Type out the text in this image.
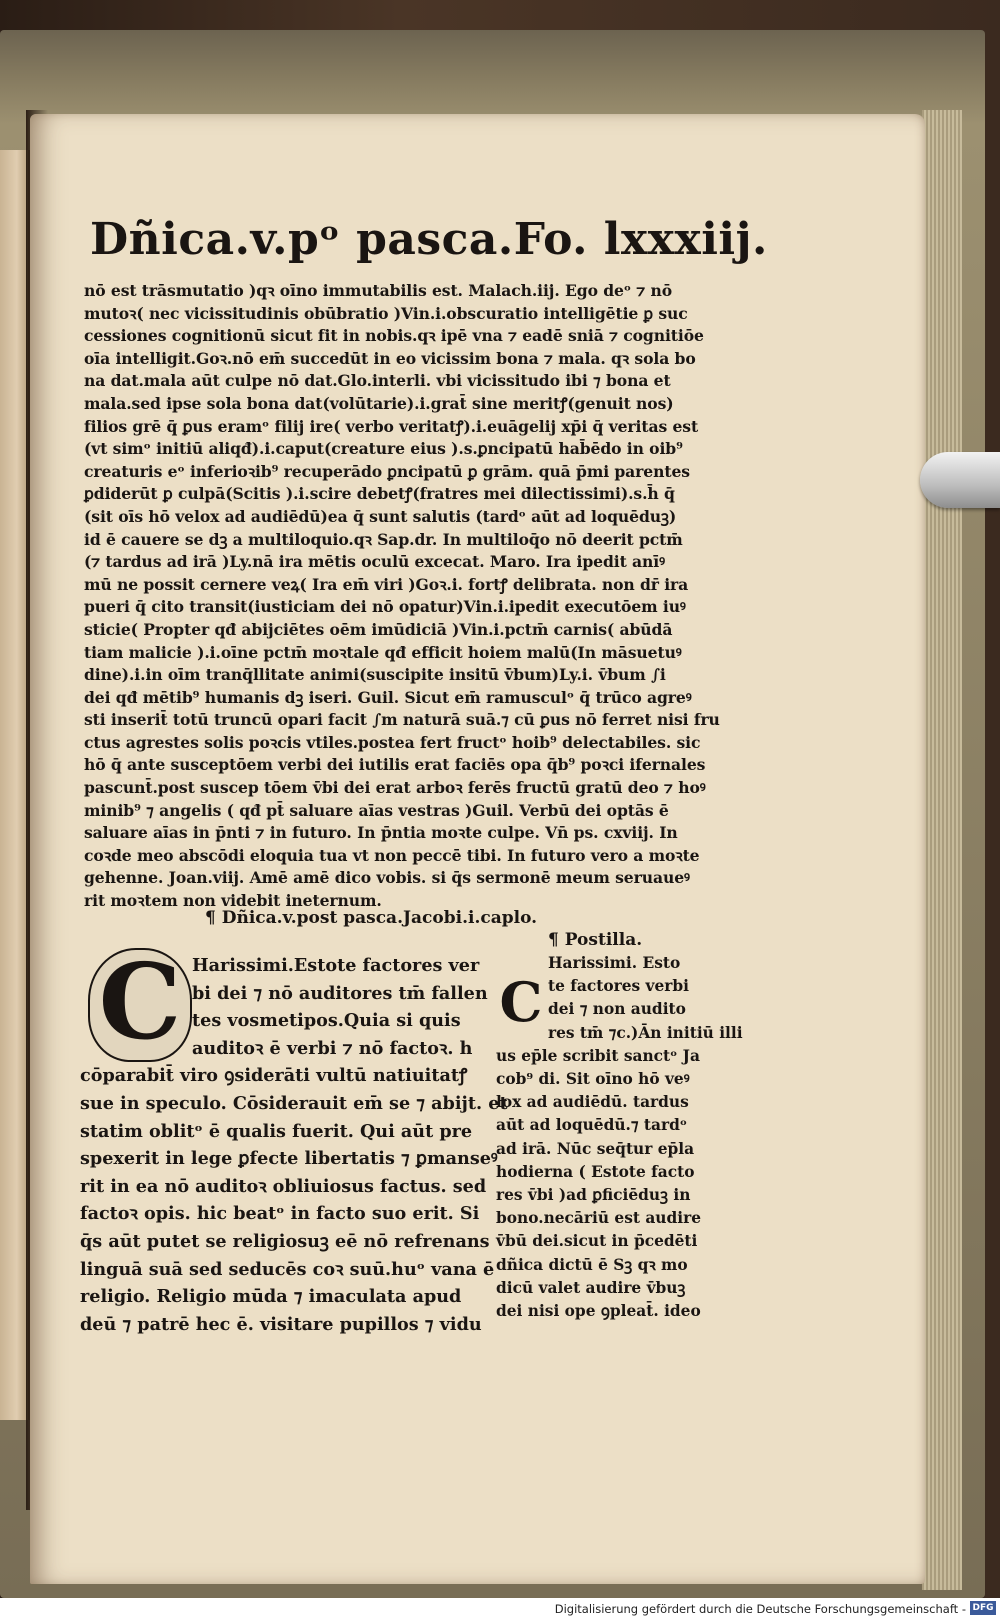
Dñica.v.pᵒ pasca. Fo. lxxxiij.
nō est trāsmutatio )qꝛ oīno immutabilis est. Malach.iij. Ego deᵒ ⁊ nō
mutoꝛ( nec vicissitudinis obūbratio )Vin.i.obscuratio intelligētie ꝑ suc
cessiones cognitionū sicut fit in nobis.qꝛ ipē vna ⁊ eadē sniā ⁊ cognitiōe
oīa intelligit.Goꝛ.nō em̄ succedūt in eo vicissim bona ⁊ mala. qꝛ sola bo
na dat.mala aūt culpe nō dat.Glo.interli. vbi vicissitudo ibi ⁊ bona et
mala.sed ipse sola bona dat(volūtarie).i.grat̄ sine meritꝭ(genuit nos)
filios grē q̄ ꝑus eramᵒ filij ire( verbo veritatꝭ).i.euāgelij xp̄i q̄ veritas est
(vt simᵒ initiū aliqđ).i.caput(creature eius ).s.ꝑncipatū hab̄ēdo in oib⁹
creaturis eᵒ inferioꝛib⁹ recuperādo ꝑncipatū ꝑ grām. quā p̄mi parentes
ꝑdiderūt ꝑ culpā(Scitis ).i.scire debetꝭ(fratres mei dilectissimi).s.h̄ q̄
(sit oīs hō velox ad audiēdū)ea q̄ sunt salutis (tardᵒ aūt ad loquēduꝫ)
id ē cauere se dꝫ a multiloquio.qꝛ Sap.dr. In multiloq̄o nō deerit pctm̄
(⁊ tardus ad irā )Ly.nā ira mētis oculū excecat. Maro. Ira ipedit anīꝰ
mū ne possit cernere veꝝ( Ira em̄ viri )Goꝛ.i. fortꝭ delibrata. non dr̄ ira
pueri q̄ cito transit(iusticiam dei nō opatur)Vin.i.ipedit executōem iuꝰ
sticie( Propter qđ abijciētes oēm imūdiciā )Vin.i.pctm̄ carnis( abūdā
tiam malicie ).i.oīne pctm̄ moꝛtale qđ efficit hoiem malū(In māsuetuꝰ
dine).i.in oīm tranq̄llitate animi(suscipite insitū v̄bum)Ly.i. v̄bum ∫i
dei qđ mētib⁹ humanis dꝫ iseri. Guil. Sicut em̄ ramusculᵒ q̄ trūco agreꝰ
sti inserit̄ totū truncū opari facit ∫m naturā suā.⁊ cū ꝑus nō ferret nisi fru
ctus agrestes solis poꝛcis vtiles.postea fert fructᵒ hoib⁹ delectabiles. sic
hō q̄ ante susceptōem verbi dei iutilis erat faciēs opa q̄b⁹ poꝛci ifernales
pascunt̄.post suscep tōem v̄bi dei erat arboꝛ ferēs fructū gratū deo ⁊ hoꝰ
minib⁹ ⁊ angelis ( qđ pt̄ saluare aīas vestras )Guil. Verbū dei optās ē
saluare aīas in p̄nti ⁊ in futuro. In p̄ntia moꝛte culpe. Vn̄ ps. cxviij. In
coꝛde meo abscōdi eloquia tua vt non peccē tibi. In futuro vero a moꝛte
gehenne. Joan.viij. Amē amē dico vobis. si q̄s sermonē meum seruaueꝰ
rit moꝛtem non videbit ineternum.
¶ Dñica.v.post pasca.Jacobi.i.caplo.
¶ Postilla.
C	C
Harissimi.Estote factores ver
bi dei ⁊ nō auditores tm̄ fallen
tes vosmetipos.Quia si quis
auditoꝛ ē verbi ⁊ nō factoꝛ. h
cōparabit̄ viro ꝯsiderāti vultū natiuitatꝭ
sue in speculo. Cōsiderauit em̄ se ⁊ abijt. et
statim oblitᵒ ē qualis fuerit. Qui aūt pre
spexerit in lege ꝑfecte libertatis ⁊ ꝑmanseꝰ
rit in ea nō auditoꝛ obliuiosus factus. sed
factoꝛ opis. hic beatᵒ in facto suo erit. Si
q̄s aūt putet se religiosuꝫ eē nō refrenans
linguā suā sed seducēs coꝛ suū.huᵒ vana ē
religio. Religio mūda ⁊ imaculata apud
deū ⁊ patrē hec ē. visitare pupillos ⁊ vidu
Harissimi. Esto
te factores verbi
dei ⁊ non audito
res tm̄ ⁊c.)Ān initiū illi
us ep̄le scribit sanctᵒ Ja
cob⁹ di. Sit oīno hō veꝰ
lox ad audiēdū. tardus
aūt ad loquēdū.⁊ tardᵒ
ad irā. Nūc seq̄tur ep̄la
hodierna ( Estote facto
res v̄bi )ad ꝑficiēduꝫ in
bono.necāriū est audire
v̄bū dei.sicut in p̄cedēti
dñica dictū ē Sꝫ qꝛ mo
dicū valet audire v̄buꝫ
dei nisi ope ꝯpleat̄. ideo
Digitalisierung gefördert durch die Deutsche Forschungsgemeinschaft - DFG
